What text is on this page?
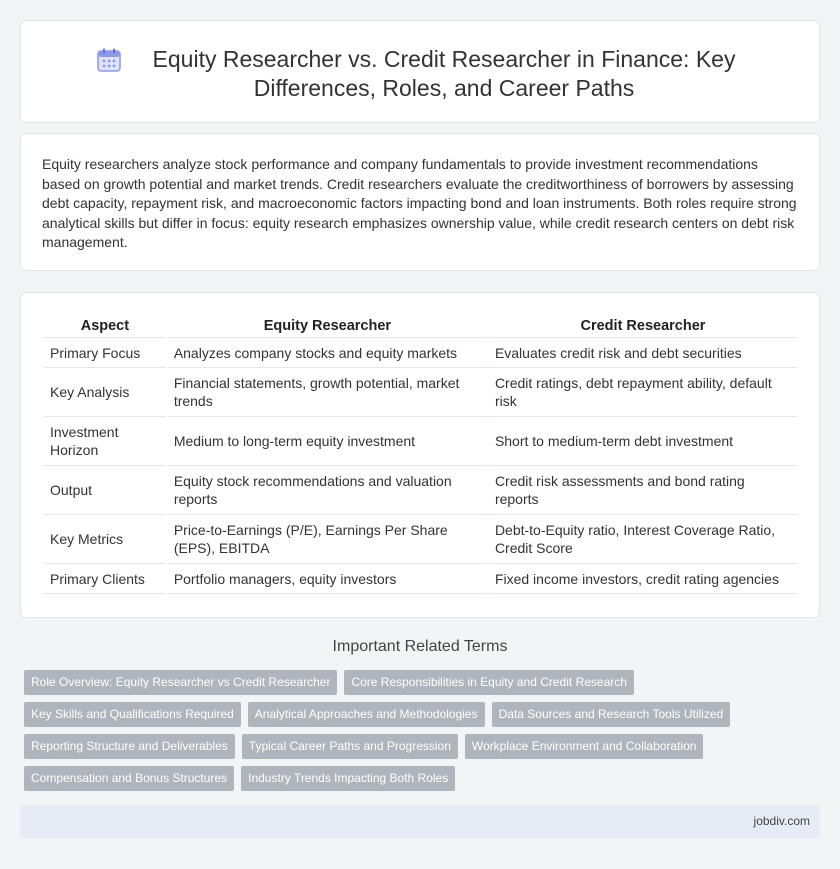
Equity Researcher vs. Credit Researcher in Finance: Key Differences, Roles, and Career Paths

Equity researchers analyze stock performance and company fundamentals to provide investment recommendations based on growth potential and market trends. Credit researchers evaluate the creditworthiness of borrowers by assessing debt capacity, repayment risk, and macroeconomic factors impacting bond and loan instruments. Both roles require strong analytical skills but differ in focus: equity research emphasizes ownership value, while credit research centers on debt risk management.

Aspect	Equity Researcher	Credit Researcher
Primary Focus	Analyzes company stocks and equity markets	Evaluates credit risk and debt securities
Key Analysis	Financial statements, growth potential, market trends	Credit ratings, debt repayment ability, default risk
Investment Horizon	Medium to long-term equity investment	Short to medium-term debt investment
Output	Equity stock recommendations and valuation reports	Credit risk assessments and bond rating reports
Key Metrics	Price-to-Earnings (P/E), Earnings Per Share (EPS), EBITDA	Debt-to-Equity ratio, Interest Coverage Ratio, Credit Score
Primary Clients	Portfolio managers, equity investors	Fixed income investors, credit rating agencies
Important Related Terms
Role Overview: Equity Researcher vs Credit Researcher	Core Responsibilities in Equity and Credit Research
Key Skills and Qualifications Required	Analytical Approaches and Methodologies	Data Sources and Research Tools Utilized
Reporting Structure and Deliverables	Typical Career Paths and Progression	Workplace Environment and Collaboration
Compensation and Bonus Structures	Industry Trends Impacting Both Roles
jobdiv.com
